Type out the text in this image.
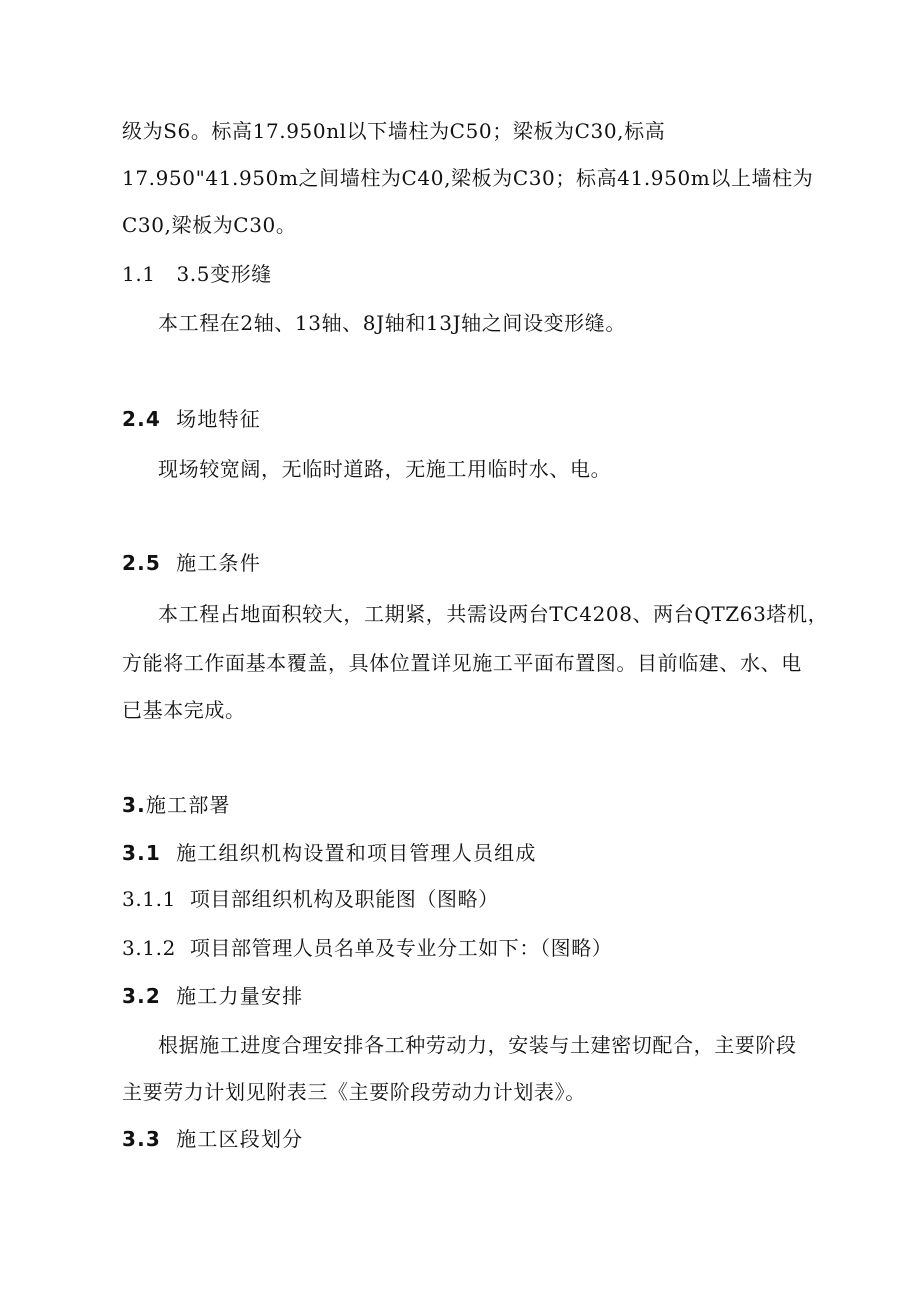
级为S6。标高17.950nl以下墙柱为C50；梁板为C30,标高
17.950"41.950m之间墙柱为C40,梁板为C30；标高41.950m以上墙柱为
C30,梁板为C30。
1.1 3.5变形缝
本工程在2轴、13轴、8J轴和13J轴之间设变形缝。
2.4 场地特征
现场较宽阔，无临时道路，无施工用临时水、电。
2.5 施工条件
本工程占地面积较大，工期紧，共需设两台TC4208、两台QTZ63塔机，
方能将工作面基本覆盖，具体位置详见施工平面布置图。目前临建、水、电
已基本完成。
3.施工部署
3.1 施工组织机构设置和项目管理人员组成
3.1.1 项目部组织机构及职能图（图略）
3.1.2 项目部管理人员名单及专业分工如下：（图略）
3.2 施工力量安排
根据施工进度合理安排各工种劳动力，安装与土建密切配合，主要阶段
主要劳力计划见附表三《主要阶段劳动力计划表》。
3.3 施工区段划分
